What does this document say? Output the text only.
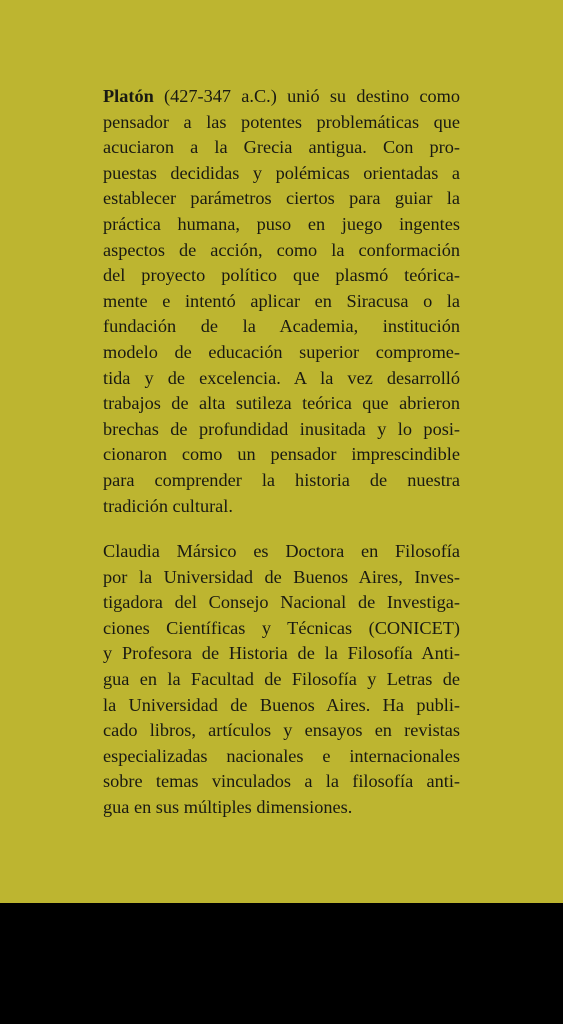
Platón (427-347 a.C.) unió su destino como
pensador a las potentes problemáticas que
acuciaron a la Grecia antigua. Con pro-
puestas decididas y polémicas orientadas a
establecer parámetros ciertos para guiar la
práctica humana, puso en juego ingentes
aspectos de acción, como la conformación
del proyecto político que plasmó teórica-
mente e intentó aplicar en Siracusa o la
fundación de la Academia, institución
modelo de educación superior comprome-
tida y de excelencia. A la vez desarrolló
trabajos de alta sutileza teórica que abrieron
brechas de profundidad inusitada y lo posi-
cionaron como un pensador imprescindible
para comprender la historia de nuestra
tradición cultural.
Claudia Mársico es Doctora en Filosofía
por la Universidad de Buenos Aires, Inves-
tigadora del Consejo Nacional de Investiga-
ciones Científicas y Técnicas (CONICET)
y Profesora de Historia de la Filosofía Anti-
gua en la Facultad de Filosofía y Letras de
la Universidad de Buenos Aires. Ha publi-
cado libros, artículos y ensayos en revistas
especializadas nacionales e internacionales
sobre temas vinculados a la filosofía anti-
gua en sus múltiples dimensiones.
